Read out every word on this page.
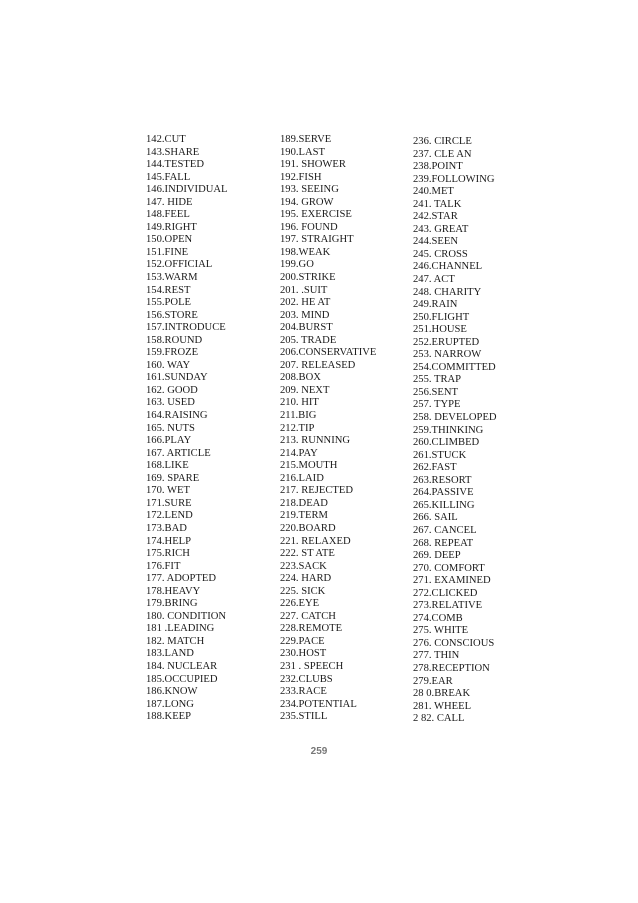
142.CUT
143.SHARE
144.TESTED
145.FALL
146.INDIVIDUAL
147. HIDE
148.FEEL
149.RIGHT
150.OPEN
151.FINE
152.OFFICIAL
153.WARM
154.REST
155.POLE
156.STORE
157.INTRODUCE
158.ROUND
159.FROZE
160. WAY
161.SUNDAY
162. GOOD
163. USED
164.RAISING
165. NUTS
166.PLAY
167. ARTICLE
168.LIKE
169. SPARE
170. WET
171.SURE
172.LEND
173.BAD
174.HELP
175.RICH
176.FIT
177. ADOPTED
178.HEAVY
179.BRING
180. CONDITION
181 .LEADING
182. MATCH
183.LAND
184. NUCLEAR
185.OCCUPIED
186.KNOW
187.LONG
188.KEEP
189.SERVE
190.LAST
191. SHOWER
192.FISH
193. SEEING
194. GROW
195. EXERCISE
196. FOUND
197. STRAIGHT
198.WEAK
199.GO
200.STRIKE
201. .SUIT
202. HE AT
203. MIND
204.BURST
205. TRADE
206.CONSERVATIVE
207. RELEASED
208.BOX
209. NEXT
210. HIT
211.BIG
212.TIP
213. RUNNING
214.PAY
215.MOUTH
216.LAID
217. REJECTED
218.DEAD
219.TERM
220.BOARD
221. RELAXED
222. ST ATE
223.SACK
224. HARD
225. SICK
226.EYE
227. CATCH
228.REMOTE
229.PACE
230.HOST
231 . SPEECH
232.CLUBS
233.RACE
234.POTENTIAL
235.STILL
236. CIRCLE
237. CLE AN
238.POINT
239.FOLLOWING
240.MET
241. TALK
242.STAR
243. GREAT
244.SEEN
245. CROSS
246.CHANNEL
247. ACT
248. CHARITY
249.RAIN
250.FLIGHT
251.HOUSE
252.ERUPTED
253. NARROW
254.COMMITTED
255. TRAP
256.SENT
257. TYPE
258. DEVELOPED
259.THINKING
260.CLIMBED
261.STUCK
262.FAST
263.RESORT
264.PASSIVE
265.KILLING
266. SAIL
267. CANCEL
268. REPEAT
269. DEEP
270. COMFORT
271. EXAMINED
272.CLICKED
273.RELATIVE
274.COMB
275. WHITE
276. CONSCIOUS
277. THIN
278.RECEPTION
279.EAR
28 0.BREAK
281. WHEEL
2 82. CALL
259
